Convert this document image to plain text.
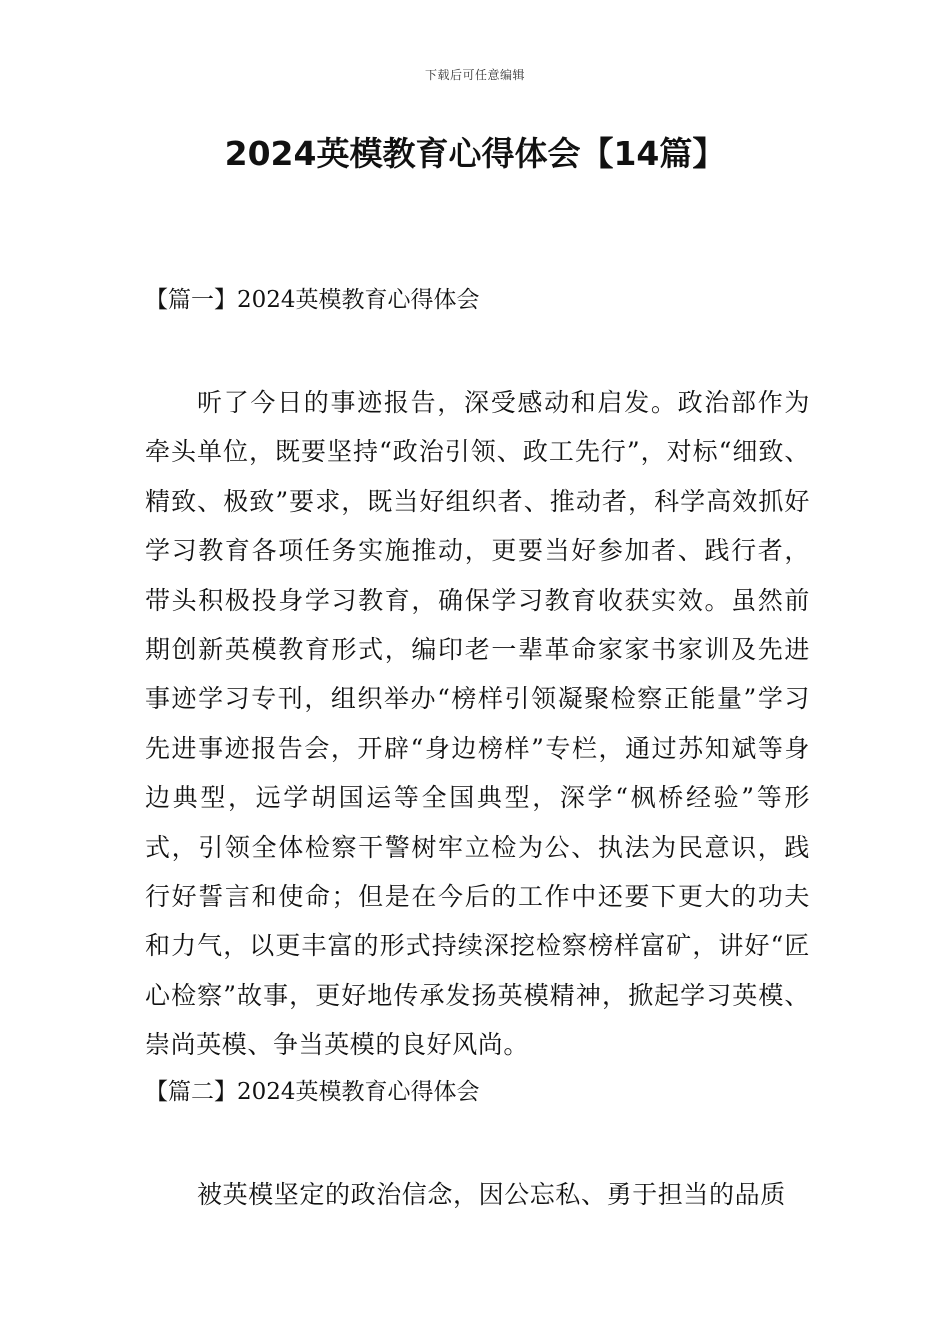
下载后可任意编辑
2024英模教育心得体会【14篇】

【篇一】2024英模教育心得体会

听了今日的事迹报告，深受感动和启发。政治部作为牵头单位，既要坚持“政治引领、政工先行”，对标“细致、精致、极致”要求，既当好组织者、推动者，科学高效抓好学习教育各项任务实施推动，更要当好参加者、践行者，带头积极投身学习教育，确保学习教育收获实效。虽然前期创新英模教育形式，编印老一辈革命家家书家训及先进事迹学习专刊，组织举办“榜样引领凝聚检察正能量”学习先进事迹报告会，开辟“身边榜样”专栏，通过苏知斌等身边典型，远学胡国运等全国典型，深学“枫桥经验”等形式，引领全体检察干警树牢立检为公、执法为民意识，践行好誓言和使命；但是在今后的工作中还要下更大的功夫和力气，以更丰富的形式持续深挖检察榜样富矿，讲好“匠心检察”故事，更好地传承发扬英模精神，掀起学习英模、崇尚英模、争当英模的良好风尚。

【篇二】2024英模教育心得体会

被英模坚定的政治信念，因公忘私、勇于担当的品质
